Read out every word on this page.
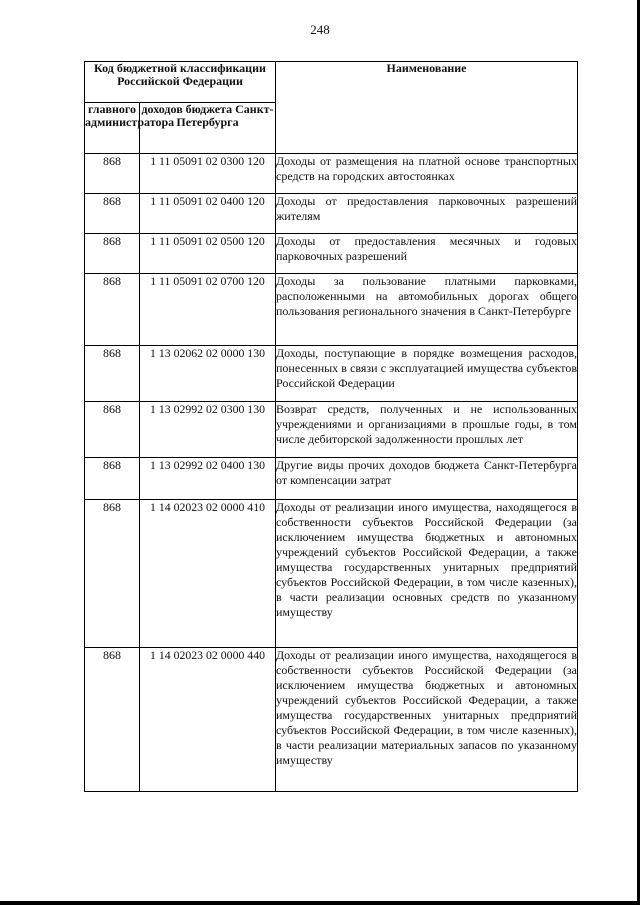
248
Код бюджетной классификации Российской Федерации		Наименование
главного администратора	доходов бюджета Санкт-Петербурга	
868	1 11 05091 02 0300 120	Доходы от размещения на платной основе транспортных средств на городских автостоянках
868	1 11 05091 02 0400 120	Доходы от предоставления парковочных разрешений жителям
868	1 11 05091 02 0500 120	Доходы от предоставления месячных и годовых парковочных разрешений
868	1 11 05091 02 0700 120	Доходы за пользование платными парковками, расположенными на автомобильных дорогах общего пользования регионального значения в Санкт-Петербурге
868	1 13 02062 02 0000 130	Доходы, поступающие в порядке возмещения расходов, понесенных в связи с эксплуатацией имущества субъектов Российской Федерации
868	1 13 02992 02 0300 130	Возврат средств, полученных и не использованных учреждениями и организациями в прошлые годы, в том числе дебиторской задолженности прошлых лет
868	1 13 02992 02 0400 130	Другие виды прочих доходов бюджета Санкт-Петербурга от компенсации затрат
868	1 14 02023 02 0000 410	Доходы от реализации иного имущества, находящегося в собственности субъектов Российской Федерации (за исключением имущества бюджетных и автономных учреждений субъектов Российской Федерации, а также имущества государственных унитарных предприятий субъектов Российской Федерации, в том числе казенных), в части реализации основных средств по указанному имуществу
868	1 14 02023 02 0000 440	Доходы от реализации иного имущества, находящегося в собственности субъектов Российской Федерации (за исключением имущества бюджетных и автономных учреждений субъектов Российской Федерации, а также имущества государственных унитарных предприятий субъектов Российской Федерации, в том числе казенных), в части реализации материальных запасов по указанному имуществу
